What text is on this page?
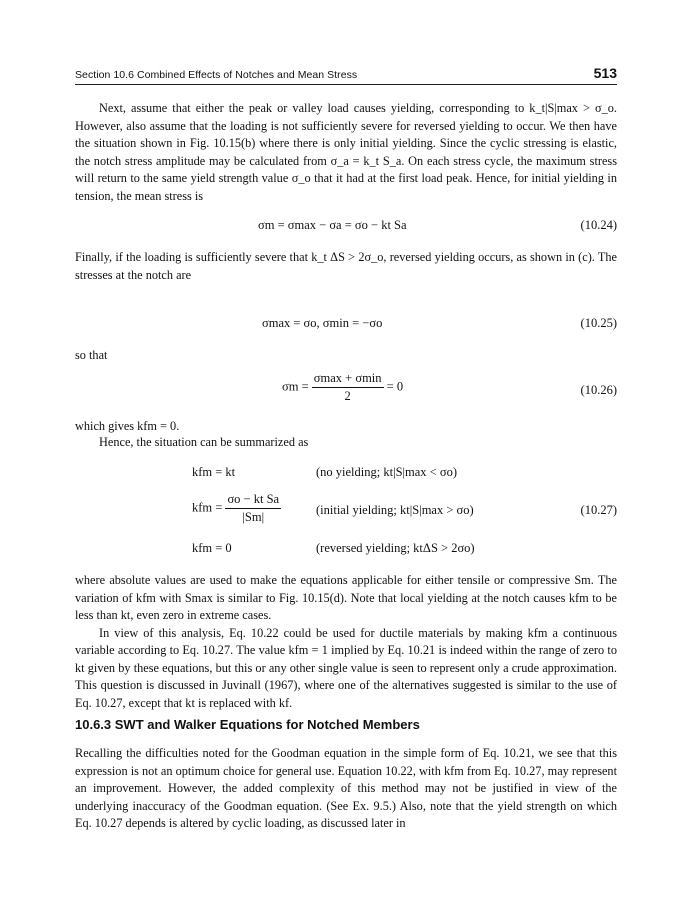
Section 10.6 Combined Effects of Notches and Mean Stress	513

Next, assume that either the peak or valley load causes yielding, corresponding to k_t|S|max > σ_o. However, also assume that the loading is not sufficiently severe for reversed yielding to occur. We then have the situation shown in Fig. 10.15(b) where there is only initial yielding. Since the cyclic stressing is elastic, the notch stress amplitude may be calculated from σ_a = k_t S_a. On each stress cycle, the maximum stress will return to the same yield strength value σ_o that it had at the first load peak. Hence, for initial yielding in tension, the mean stress is

σm = σmax − σa = σo − kt Sa	(10.24)

Finally, if the loading is sufficiently severe that k_t ΔS > 2σ_o, reversed yielding occurs, as shown in (c). The stresses at the notch are

σmax = σo, σmin = −σo	(10.25)
so that
$\sigma m = \frac{\sigma\max + \sigma\min}{2} = 0$	(10.26)
which gives kfm = 0.
Hence, the situation can be summarized as
kfm = kt	(no yielding; kt|S|max < σo)
kfm = $\frac{\text{σo − kt Sa}}{|Sm|}$	(initial yielding; kt|S|max > σo)	(10.27)
kfm = 0	(reversed yielding; ktΔS > 2σo)

where absolute values are used to make the equations applicable for either tensile or compressive Sm. The variation of kfm with Smax is similar to Fig. 10.15(d). Note that local yielding at the notch causes kfm to be less than kt, even zero in extreme cases.

In view of this analysis, Eq. 10.22 could be used for ductile materials by making kfm a continuous variable according to Eq. 10.27. The value kfm = 1 implied by Eq. 10.21 is indeed within the range of zero to kt given by these equations, but this or any other single value is seen to represent only a crude approximation. This question is discussed in Juvinall (1967), where one of the alternatives suggested is similar to the use of Eq. 10.27, except that kt is replaced with kf.

10.6.3 SWT and Walker Equations for Notched Members

Recalling the difficulties noted for the Goodman equation in the simple form of Eq. 10.21, we see that this expression is not an optimum choice for general use. Equation 10.22, with kfm from Eq. 10.27, may represent an improvement. However, the added complexity of this method may not be justified in view of the underlying inaccuracy of the Goodman equation. (See Ex. 9.5.) Also, note that the yield strength on which Eq. 10.27 depends is altered by cyclic loading, as discussed later in
